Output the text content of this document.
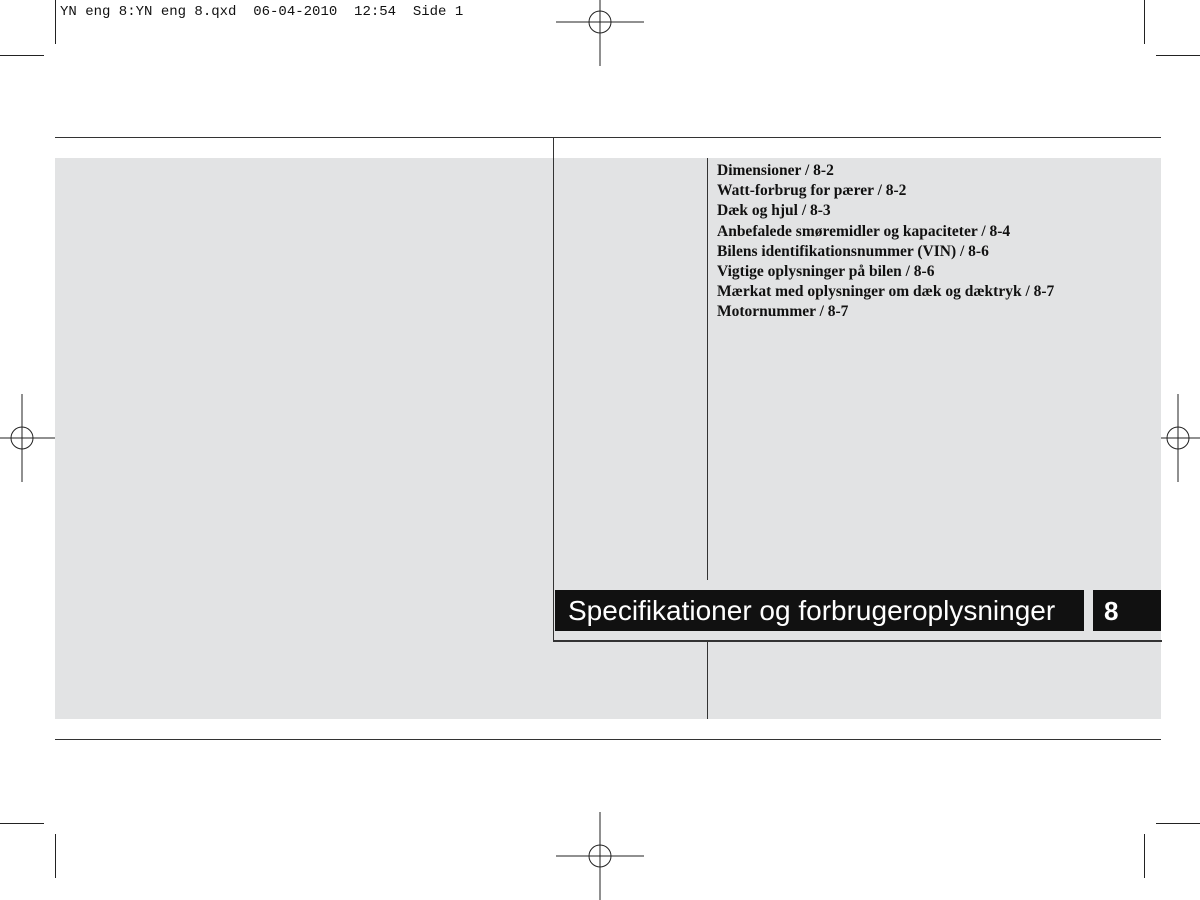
YN eng 8:YN eng 8.qxd  06-04-2010  12:54  Side 1
Dimensioner / 8-2
Watt-forbrug for pærer / 8-2
Dæk og hjul / 8-3
Anbefalede smøremidler og kapaciteter / 8-4
Bilens identifikationsnummer (VIN) / 8-6
Vigtige oplysninger på bilen / 8-6
Mærkat med oplysninger om dæk og dæktryk / 8-7
Motornummer / 8-7
Specifikationer og forbrugeroplysninger	8
